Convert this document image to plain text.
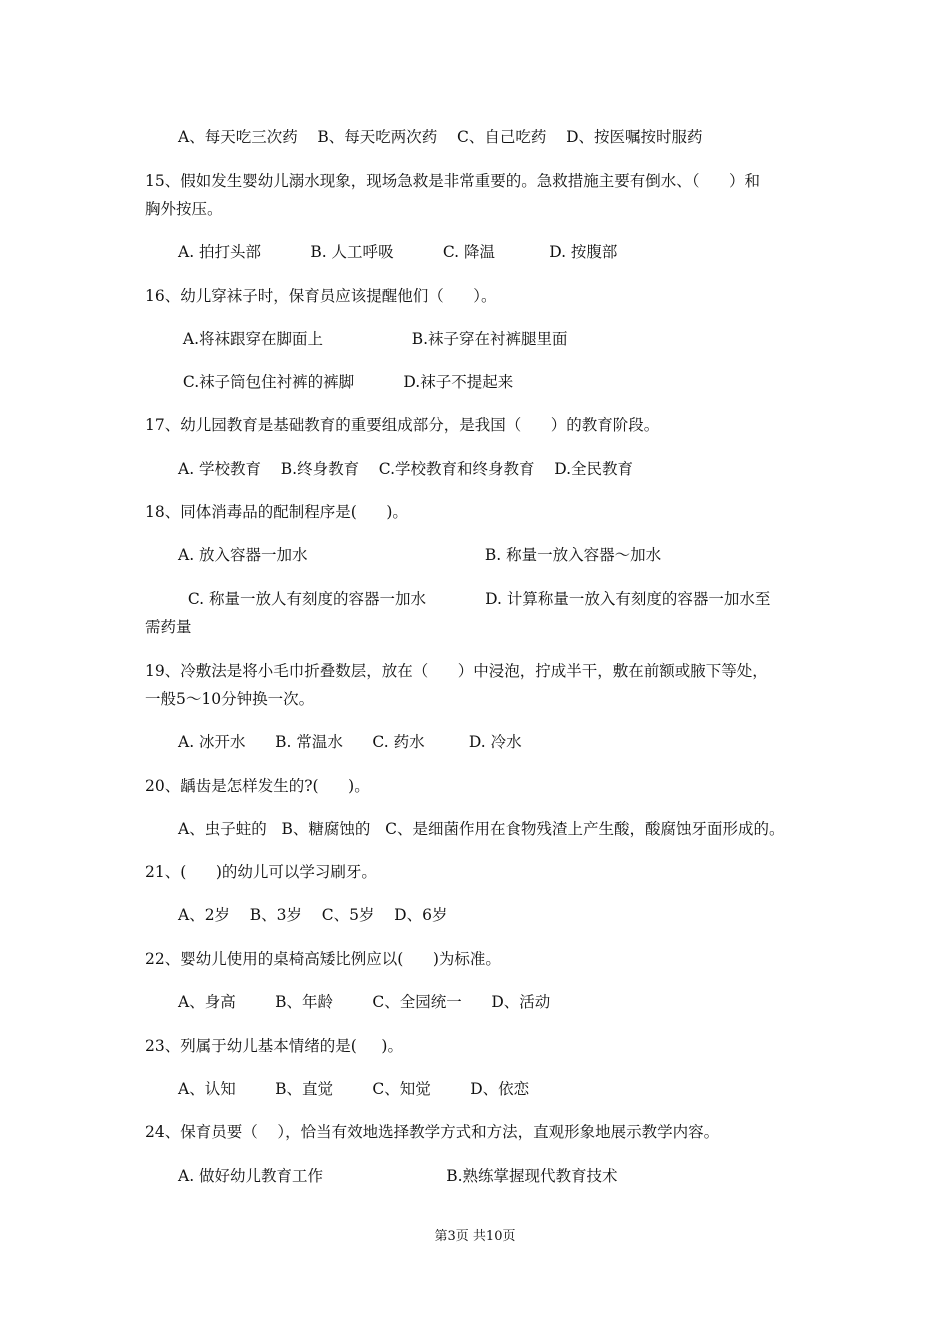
A、每天吃三次药    B、每天吃两次药    C、自己吃药    D、按医嘱按时服药
15、假如发生婴幼儿溺水现象，现场急救是非常重要的。急救措施主要有倒水、（      ）和
胸外按压。
A. 拍打头部          B. 人工呼吸          C. 降温           D. 按腹部
16、幼儿穿袜子时，保育员应该提醒他们（      ）。
A.将袜跟穿在脚面上                  B.袜子穿在衬裤腿里面
C.袜子筒包住衬裤的裤脚          D.袜子不提起来
17、幼儿园教育是基础教育的重要组成部分，是我国（      ）的教育阶段。
A. 学校教育    B.终身教育    C.学校教育和终身教育    D.全民教育
18、同体消毒品的配制程序是(      )。
A. 放入容器一加水                                    B. 称量一放入容器～加水
C. 称量一放人有刻度的容器一加水            D. 计算称量一放入有刻度的容器一加水至
需药量
19、冷敷法是将小毛巾折叠数层，放在（      ）中浸泡，拧成半干，敷在前额或腋下等处，
一般5～10分钟换一次。
A. 冰开水      B. 常温水      C. 药水         D. 冷水
20、龋齿是怎样发生的?(      )。
A、虫子蛀的   B、糖腐蚀的   C、是细菌作用在食物残渣上产生酸，酸腐蚀牙面形成的。
21、(      )的幼儿可以学习刷牙。
A、2岁    B、3岁    C、5岁    D、6岁
22、婴幼儿使用的桌椅高矮比例应以(      )为标准。
A、身高        B、年龄        C、全园统一      D、活动
23、列属于幼儿基本情绪的是(     )。
A、认知        B、直觉        C、知觉        D、依恋
24、保育员要（    ），恰当有效地选择教学方式和方法，直观形象地展示教学内容。
A. 做好幼儿教育工作                         B.熟练掌握现代教育技术
第3页 共10页
